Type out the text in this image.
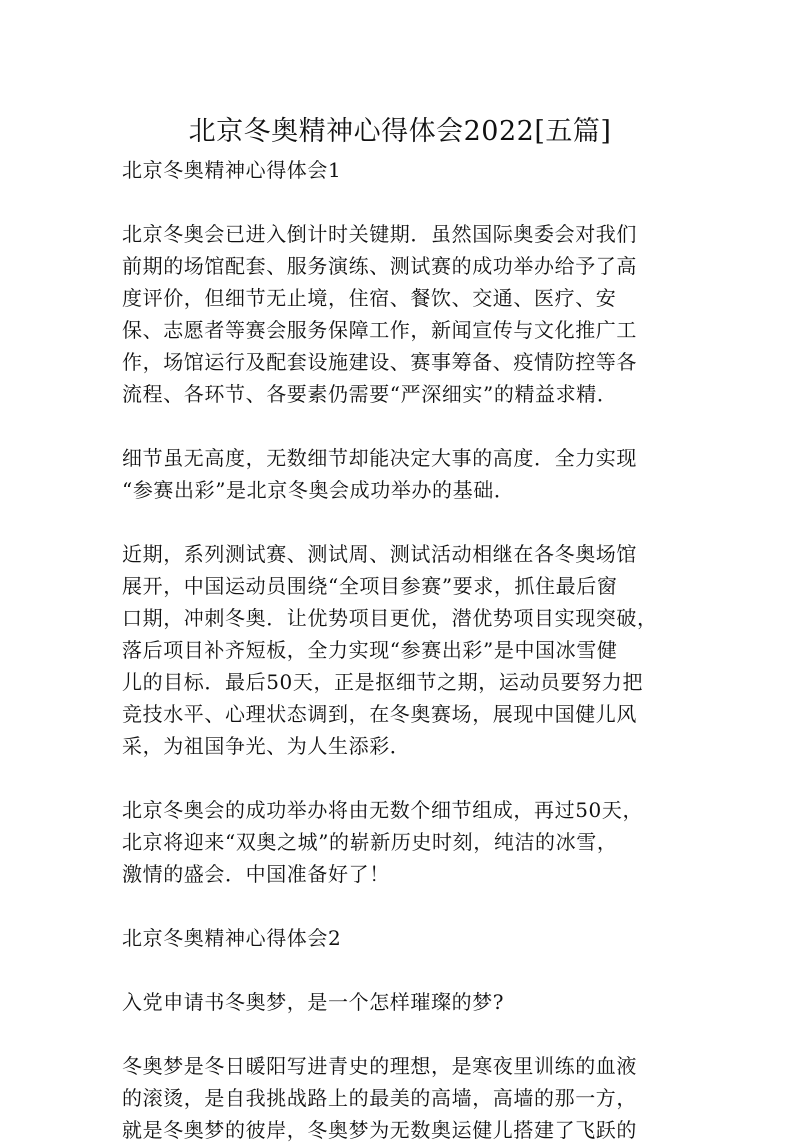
北京冬奥精神心得体会2022[五篇]

北京冬奥精神心得体会1

北京冬奥会已进入倒计时关键期．虽然国际奥委会对我们
前期的场馆配套、服务演练、测试赛的成功举办给予了高
度评价，但细节无止境，住宿、餐饮、交通、医疗、安
保、志愿者等赛会服务保障工作，新闻宣传与文化推广工
作，场馆运行及配套设施建设、赛事筹备、疫情防控等各
流程、各环节、各要素仍需要“严深细实”的精益求精．

细节虽无高度，无数细节却能决定大事的高度．全力实现
“参赛出彩”是北京冬奥会成功举办的基础．

近期，系列测试赛、测试周、测试活动相继在各冬奥场馆
展开，中国运动员围绕“全项目参赛”要求，抓住最后窗
口期，冲刺冬奥．让优势项目更优，潜优势项目实现突破，
落后项目补齐短板，全力实现“参赛出彩”是中国冰雪健
儿的目标．最后50天，正是抠细节之期，运动员要努力把
竞技水平、心理状态调到，在冬奥赛场，展现中国健儿风
采，为祖国争光、为人生添彩．

北京冬奥会的成功举办将由无数个细节组成，再过50天，
北京将迎来“双奥之城”的崭新历史时刻，纯洁的冰雪，
激情的盛会．中国准备好了！

北京冬奥精神心得体会2

入党申请书冬奥梦，是一个怎样璀璨的梦?

冬奥梦是冬日暖阳写进青史的理想，是寒夜里训练的血液
的滚烫，是自我挑战路上的最美的高墙，高墙的那一方，
就是冬奥梦的彼岸，冬奥梦为无数奥运健儿搭建了飞跃的
